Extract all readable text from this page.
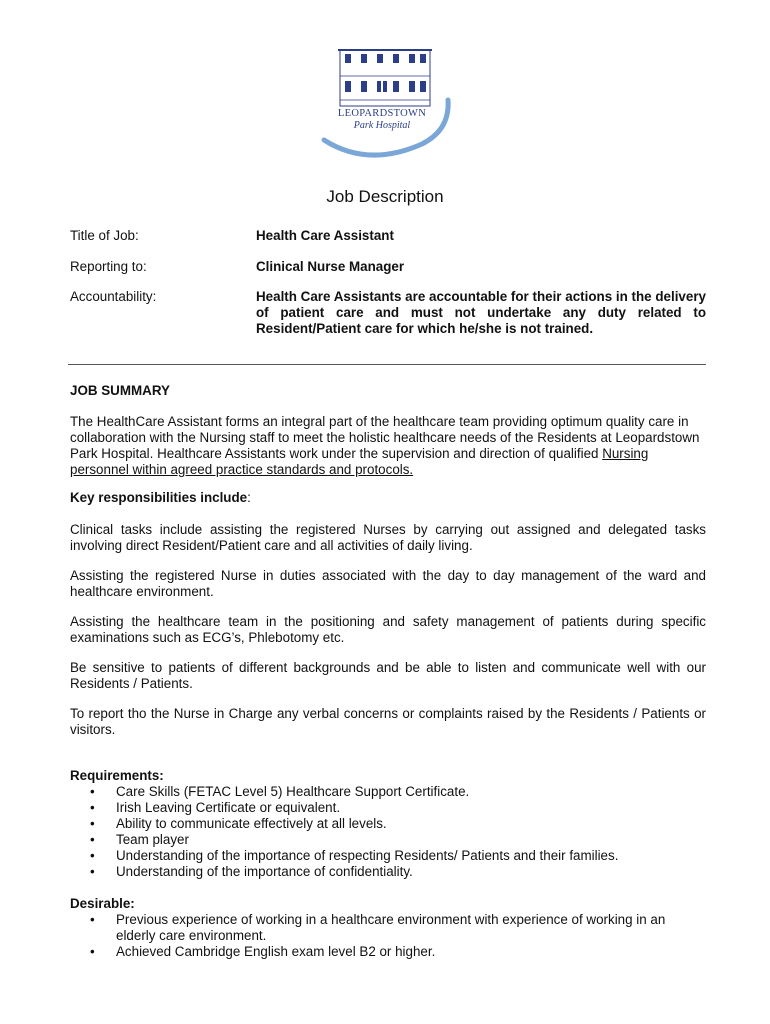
LEOPARDSTOWN
Park Hospital
Job Description
Title of Job:	Health Care Assistant
Reporting to:	Clinical Nurse Manager
Accountability:	Health Care Assistants are accountable for their actions in the delivery of patient care and must not undertake any duty related to Resident/Patient care for which he/she is not trained.
JOB SUMMARY
The HealthCare Assistant forms an integral part of the healthcare team providing optimum quality care in collaboration with the Nursing staff to meet the holistic healthcare needs of the Residents at Leopardstown Park Hospital. Healthcare Assistants work under the supervision and direction of qualified Nursing personnel within agreed practice standards and protocols.
Key responsibilities include:
Clinical tasks include assisting the registered Nurses by carrying out assigned and delegated tasks involving direct Resident/Patient care and all activities of daily living.
Assisting the registered Nurse in duties associated with the day to day management of the ward and healthcare environment.
Assisting the healthcare team in the positioning and safety management of patients during specific examinations such as ECG’s, Phlebotomy etc.
Be sensitive to patients of different backgrounds and be able to listen and communicate well with our Residents / Patients.
To report tho the Nurse in Charge any verbal concerns or complaints raised by the Residents / Patients or visitors.
Requirements:
• Care Skills (FETAC Level 5) Healthcare Support Certificate.
• Irish Leaving Certificate or equivalent.
• Ability to communicate effectively at all levels.
• Team player
• Understanding of the importance of respecting Residents/ Patients and their families.
• Understanding of the importance of confidentiality.
Desirable:
• Previous experience of working in a healthcare environment with experience of working in an elderly care environment.
• Achieved Cambridge English exam level B2 or higher.
